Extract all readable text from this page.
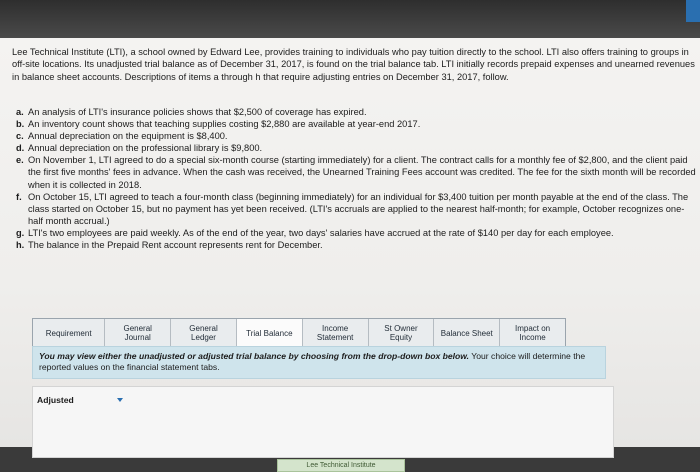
Lee Technical Institute (LTI), a school owned by Edward Lee, provides training to individuals who pay tuition directly to the school. LTI also offers training to groups in off-site locations. Its unadjusted trial balance as of December 31, 2017, is found on the trial balance tab. LTI initially records prepaid expenses and unearned revenues in balance sheet accounts. Descriptions of items a through h that require adjusting entries on December 31, 2017, follow.
a. An analysis of LTI's insurance policies shows that $2,500 of coverage has expired.
b. An inventory count shows that teaching supplies costing $2,880 are available at year-end 2017.
c. Annual depreciation on the equipment is $8,400.
d. Annual depreciation on the professional library is $9,800.
e. On November 1, LTI agreed to do a special six-month course (starting immediately) for a client. The contract calls for a monthly fee of $2,800, and the client paid the first five months' fees in advance. When the cash was received, the Unearned Training Fees account was credited. The fee for the sixth month will be recorded when it is collected in 2018.
f. On October 15, LTI agreed to teach a four-month class (beginning immediately) for an individual for $3,400 tuition per month payable at the end of the class. The class started on October 15, but no payment has yet been received. (LTI's accruals are applied to the nearest half-month; for example, October recognizes one-half month accrual.)
g. LTI's two employees are paid weekly. As of the end of the year, two days' salaries have accrued at the rate of $140 per day for each employee.
h. The balance in the Prepaid Rent account represents rent for December.
Requirement	General
Journal
General
Ledger	Trial Balance	Income
Statement
St Owner
Equity	Balance Sheet	Impact on
Income
You may view either the unadjusted or adjusted trial balance by choosing from the drop-down box below. Your choice will determine the reported values on the financial statement tabs.
Adjusted
Lee Technical Institute
